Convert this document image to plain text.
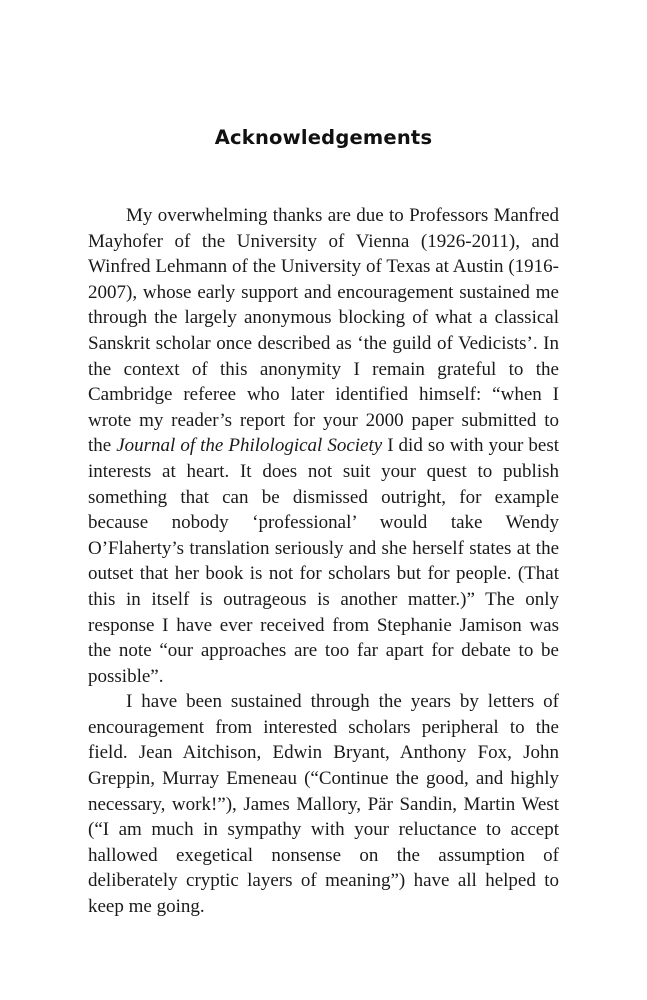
Acknowledgements

My overwhelming thanks are due to Professors Manfred Mayhofer of the University of Vienna (1926-2011), and Winfred Lehmann of the University of Texas at Austin (1916-2007), whose early support and encouragement sustained me through the largely anonymous blocking of what a classical Sanskrit scholar once described as ‘the guild of Vedicists’. In the context of this anonymity I remain grateful to the Cambridge referee who later identified himself: “when I wrote my reader’s report for your 2000 paper submitted to the Journal of the Philological Society I did so with your best interests at heart. It does not suit your quest to publish something that can be dismissed outright, for example because nobody ‘professional’ would take Wendy O’Flaherty’s translation seriously and she herself states at the outset that her book is not for scholars but for people. (That this in itself is outrageous is another matter.)” The only response I have ever received from Stephanie Jamison was the note “our approaches are too far apart for debate to be possible”.

I have been sustained through the years by letters of encouragement from interested scholars peripheral to the field. Jean Aitchison, Edwin Bryant, Anthony Fox, John Greppin, Murray Emeneau (“Continue the good, and highly necessary, work!”), James Mallory, Pär Sandin, Martin West (“I am much in sympathy with your reluctance to accept hallowed exegetical nonsense on the assumption of deliberately cryptic layers of meaning”) have all helped to keep me going.
